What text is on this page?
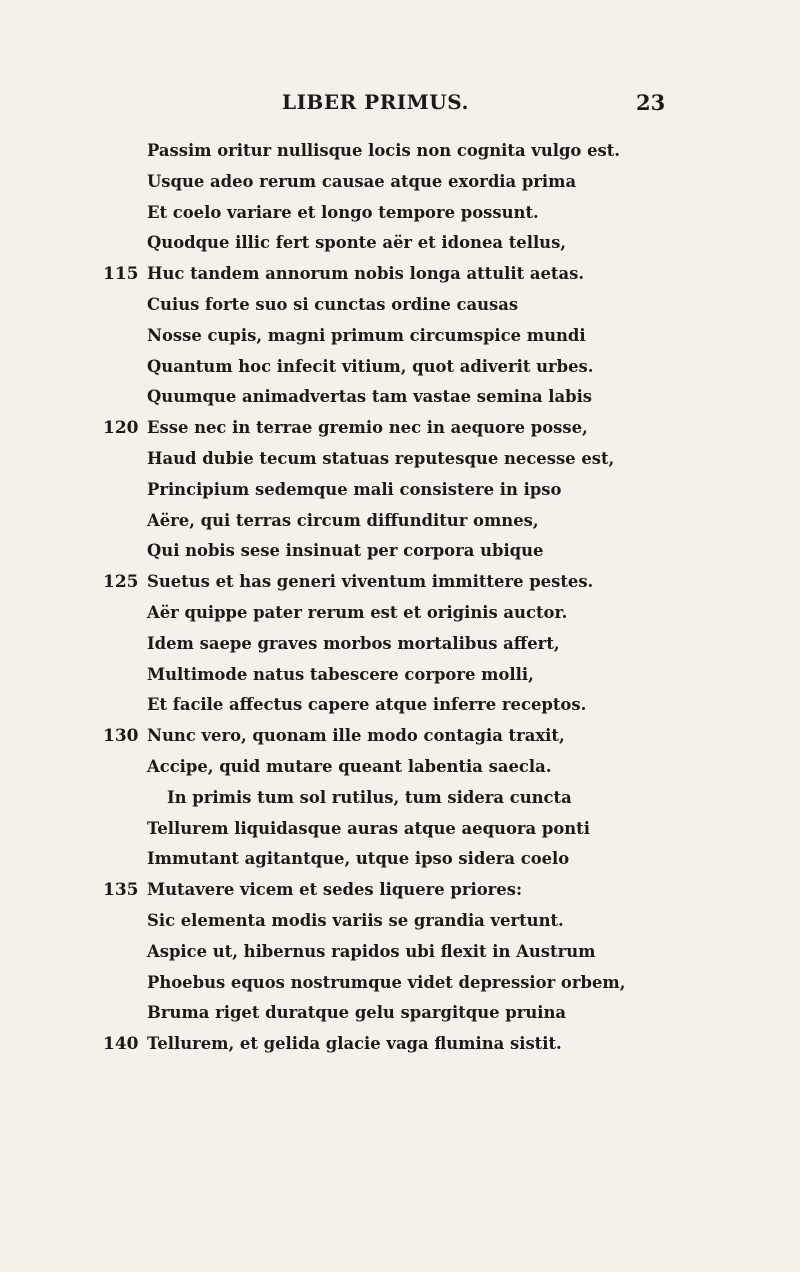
LIBER PRIMUS.	23
Passim oritur nullisque locis non cognita vulgo est.
Usque adeo rerum causae atque exordia prima
Et coelo variare et longo tempore possunt.
Quodque illic fert sponte aër et idonea tellus,
115 Huc tandem annorum nobis longa attulit aetas.
Cuius forte suo si cunctas ordine causas
Nosse cupis, magni primum circumspice mundi
Quantum hoc infecit vitium, quot adiverit urbes.
Quumque animadvertas tam vastae semina labis
120 Esse nec in terrae gremio nec in aequore posse,
Haud dubie tecum statuas reputesque necesse est,
Principium sedemque mali consistere in ipso
Aëre, qui terras circum diffunditur omnes,
Qui nobis sese insinuat per corpora ubique
125 Suetus et has generi viventum immittere pestes.
Aër quippe pater rerum est et originis auctor.
Idem saepe graves morbos mortalibus affert,
Multimode natus tabescere corpore molli,
Et facile affectus capere atque inferre receptos.
130 Nunc vero, quonam ille modo contagia traxit,
Accipe, quid mutare queant labentia saecla.
In primis tum sol rutilus, tum sidera cuncta
Tellurem liquidasque auras atque aequora ponti
Immutant agitantque, utque ipso sidera coelo
135 Mutavere vicem et sedes liquere priores:
Sic elementa modis variis se grandia vertunt.
Aspice ut, hibernus rapidos ubi flexit in Austrum
Phoebus equos nostrumque videt depressior orbem,
Bruma riget duratque gelu spargitque pruina
140 Tellurem, et gelida glacie vaga flumina sistit.
